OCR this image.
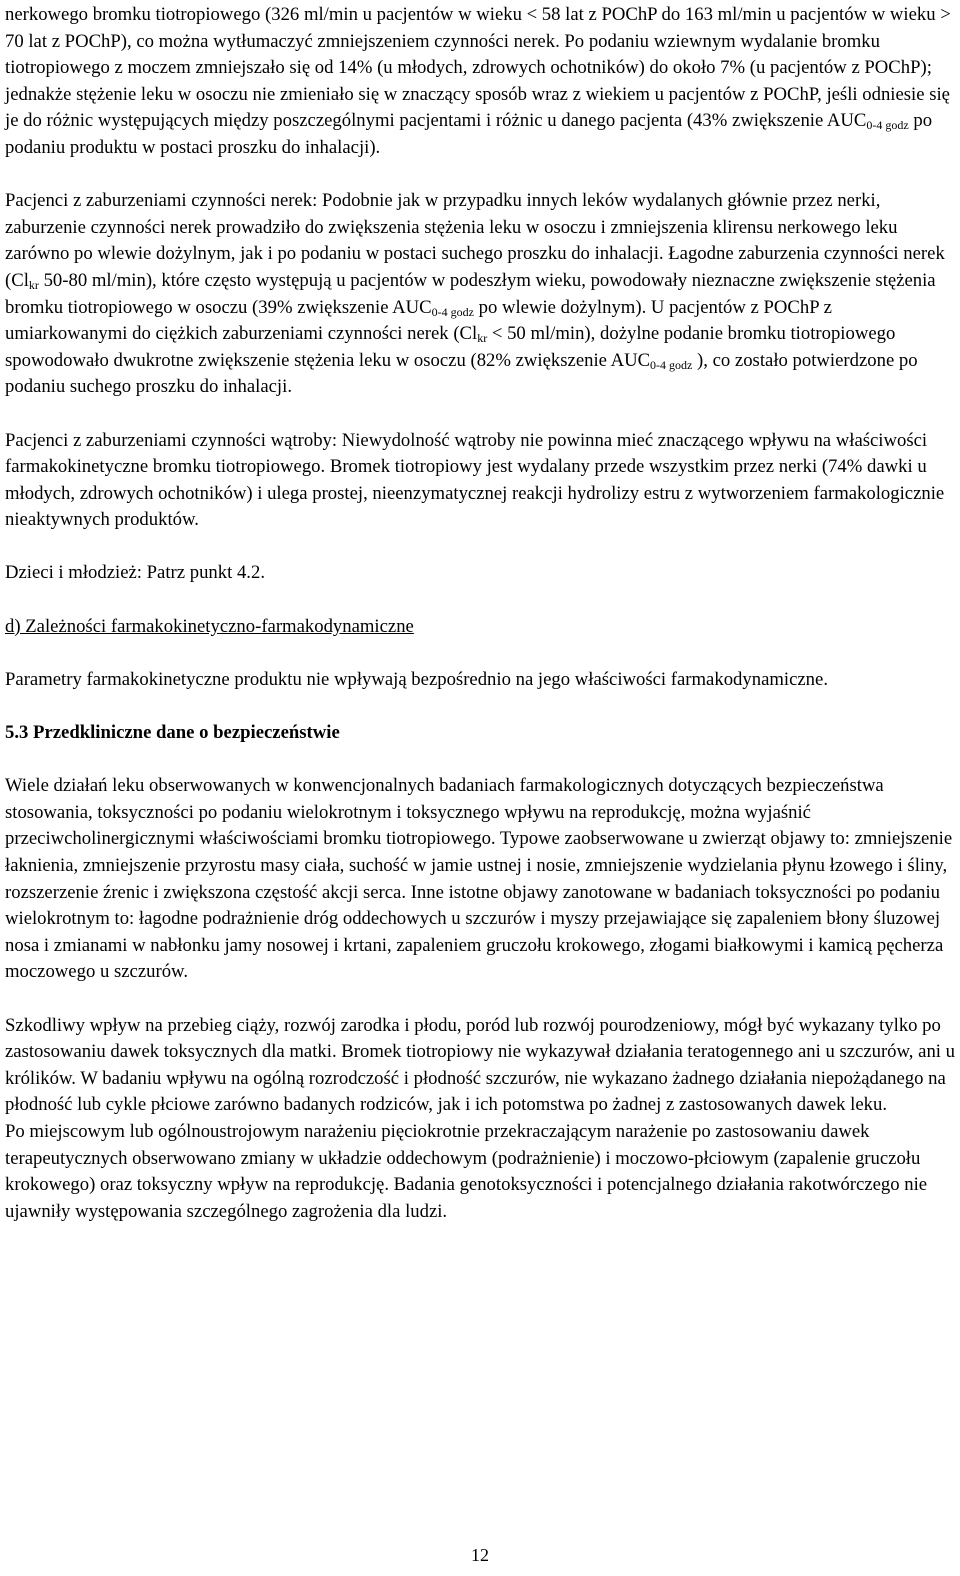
nerkowego bromku tiotropiowego (326 ml/min u pacjentów w wieku < 58 lat z POChP do 163 ml/min u pacjentów w wieku > 70 lat z POChP), co można wytłumaczyć zmniejszeniem czynności nerek. Po podaniu wziewnym wydalanie bromku tiotropiowego z moczem zmniejszało się od 14% (u młodych, zdrowych ochotników) do około 7% (u pacjentów z POChP); jednakże stężenie leku w osoczu nie zmieniało się w znaczący sposób wraz z wiekiem u pacjentów z POChP, jeśli odniesie się je do różnic występujących między poszczególnymi pacjentami i różnic u danego pacjenta (43% zwiększenie $AUC_{0-4 godz}$ po podaniu produktu w postaci proszku do inhalacji).

Pacjenci z zaburzeniami czynności nerek: Podobnie jak w przypadku innych leków wydalanych głównie przez nerki, zaburzenie czynności nerek prowadziło do zwiększenia stężenia leku w osoczu i zmniejszenia klirensu nerkowego leku zarówno po wlewie dożylnym, jak i po podaniu w postaci suchego proszku do inhalacji. Łagodne zaburzenia czynności nerek ($Cl_{kr}$ 50-80 ml/min), które często występują u pacjentów w podeszłym wieku, powodowały nieznaczne zwiększenie stężenia bromku tiotropiowego w osoczu (39% zwiększenie $AUC_{0-4 godz}$ po wlewie dożylnym). U pacjentów z POChP z umiarkowanymi do ciężkich zaburzeniami czynności nerek ($Cl_{kr} < 50$ ml/min), dożylne podanie bromku tiotropiowego spowodowało dwukrotne zwiększenie stężenia leku w osoczu (82% zwiększenie $AUC_{0-4 godz}$ ), co zostało potwierdzone po podaniu suchego proszku do inhalacji.

Pacjenci z zaburzeniami czynności wątroby: Niewydolność wątroby nie powinna mieć znaczącego wpływu na właściwości farmakokinetyczne bromku tiotropiowego. Bromek tiotropiowy jest wydalany przede wszystkim przez nerki (74% dawki u młodych, zdrowych ochotników) i ulega prostej, nieenzymatycznej reakcji hydrolizy estru z wytworzeniem farmakologicznie nieaktywnych produktów.

Dzieci i młodzież: Patrz punkt 4.2.

d) Zależności farmakokinetyczno-farmakodynamiczne

Parametry farmakokinetyczne produktu nie wpływają bezpośrednio na jego właściwości farmakodynamiczne.

5.3 Przedkliniczne dane o bezpieczeństwie

Wiele działań leku obserwowanych w konwencjonalnych badaniach farmakologicznych dotyczących bezpieczeństwa stosowania, toksyczności po podaniu wielokrotnym i toksycznego wpływu na reprodukcję, można wyjaśnić przeciwcholinergicznymi właściwościami bromku tiotropiowego. Typowe zaobserwowane u zwierząt objawy to: zmniejszenie łaknienia, zmniejszenie przyrostu masy ciała, suchość w jamie ustnej i nosie, zmniejszenie wydzielania płynu łzowego i śliny, rozszerzenie źrenic i zwiększona częstość akcji serca. Inne istotne objawy zanotowane w badaniach toksyczności po podaniu wielokrotnym to: łagodne podrażnienie dróg oddechowych u szczurów i myszy przejawiające się zapaleniem błony śluzowej nosa i zmianami w nabłonku jamy nosowej i krtani, zapaleniem gruczołu krokowego, złogami białkowymi i kamicą pęcherza moczowego u szczurów.

Szkodliwy wpływ na przebieg ciąży, rozwój zarodka i płodu, poród lub rozwój pourodzeniowy, mógł być wykazany tylko po zastosowaniu dawek toksycznych dla matki. Bromek tiotropiowy nie wykazywał działania teratogennego ani u szczurów, ani u królików. W badaniu wpływu na ogólną rozrodczość i płodność szczurów, nie wykazano żadnego działania niepożądanego na płodność lub cykle płciowe zarówno badanych rodziców, jak i ich potomstwa po żadnej z zastosowanych dawek leku.

Po miejscowym lub ogólnoustrojowym narażeniu pięciokrotnie przekraczającym narażenie po zastosowaniu dawek terapeutycznych obserwowano zmiany w układzie oddechowym (podrażnienie) i moczowo-płciowym (zapalenie gruczołu krokowego) oraz toksyczny wpływ na reprodukcję. Badania genotoksyczności i potencjalnego działania rakotwórczego nie ujawniły występowania szczególnego zagrożenia dla ludzi.

12
